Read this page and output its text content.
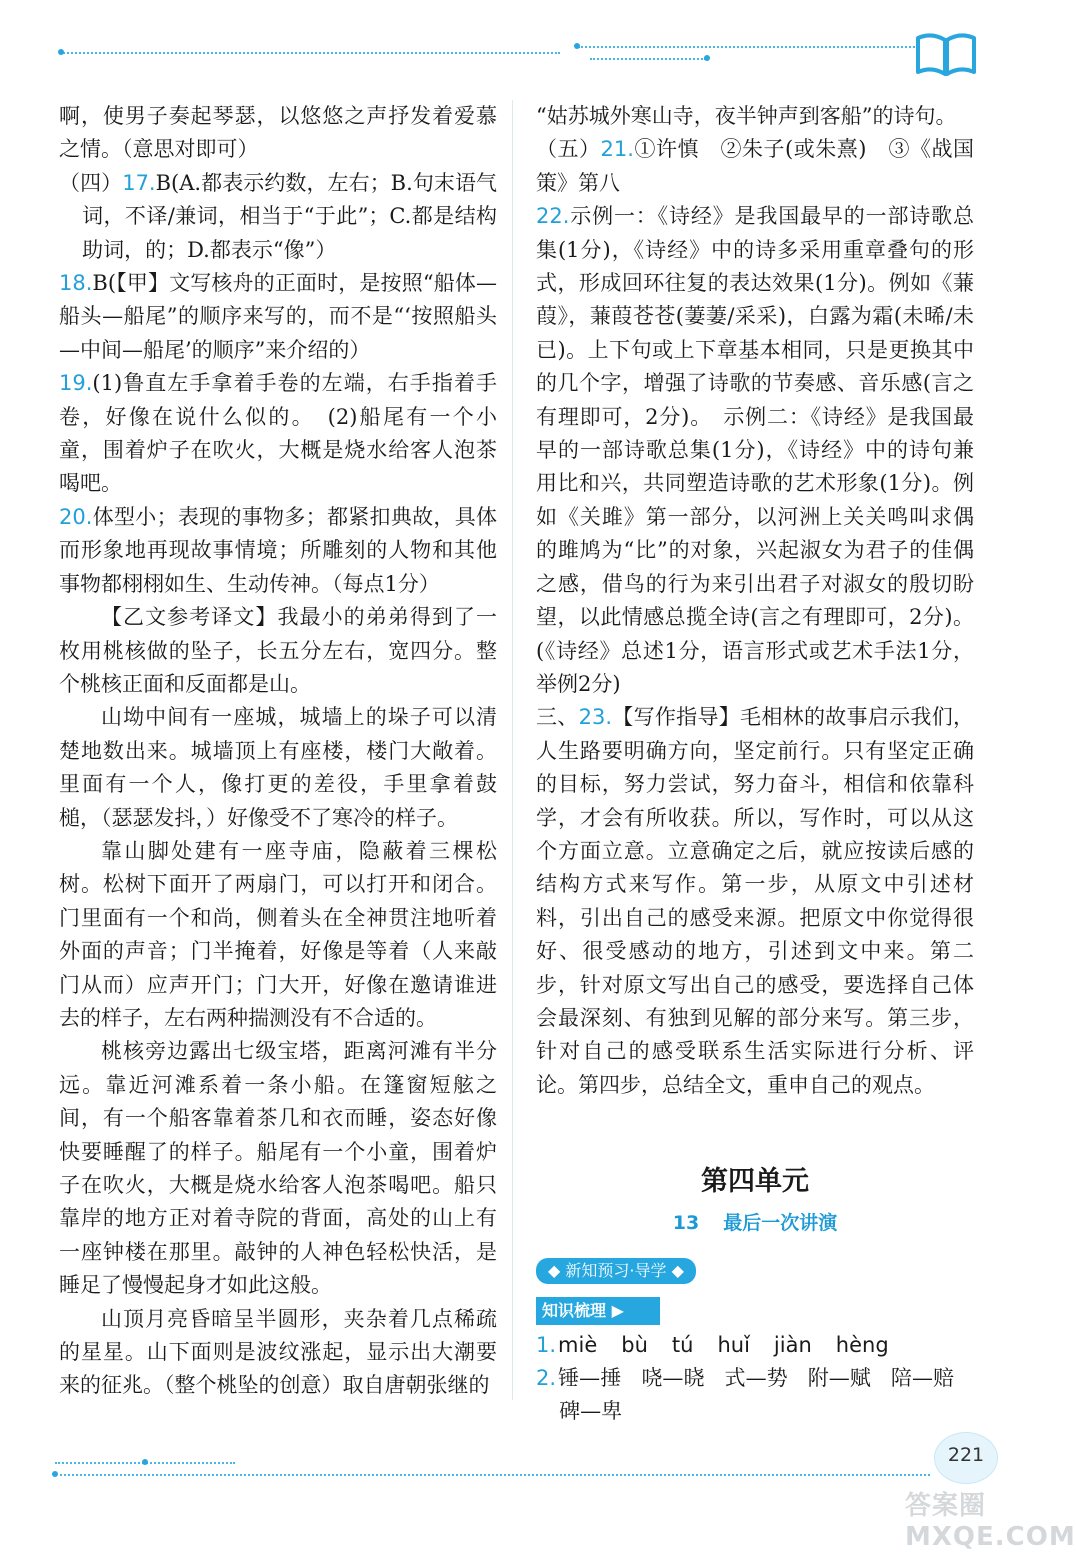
啊，使男子奏起琴瑟，以悠悠之声抒发着爱慕之情。（意思对即可）

（四）17.B(A.都表示约数，左右；B.句末语气词，不译/兼词，相当于“于此”；C.都是结构助词，的；D.都表示“像”）

18.B(【甲】文写核舟的正面时，是按照“船体—船头—船尾”的顺序来写的，而不是“‘按照船头—中间—船尾’的顺序”来介绍的）

19.(1)鲁直左手拿着手卷的左端，右手指着手卷，好像在说什么似的。　(2)船尾有一个小童，围着炉子在吹火，大概是烧水给客人泡茶喝吧。

20.体型小；表现的事物多；都紧扣典故，具体而形象地再现故事情境；所雕刻的人物和其他事物都栩栩如生、生动传神。（每点1分）

【乙文参考译文】我最小的弟弟得到了一枚用桃核做的坠子，长五分左右，宽四分。整个桃核正面和反面都是山。

山坳中间有一座城，城墙上的垛子可以清楚地数出来。城墙顶上有座楼，楼门大敞着。里面有一个人，像打更的差役，手里拿着鼓槌，（瑟瑟发抖，）好像受不了寒冷的样子。

靠山脚处建有一座寺庙，隐蔽着三棵松树。松树下面开了两扇门，可以打开和闭合。门里面有一个和尚，侧着头在全神贯注地听着外面的声音；门半掩着，好像是等着（人来敲门从而）应声开门；门大开，好像在邀请谁进去的样子，左右两种揣测没有不合适的。

桃核旁边露出七级宝塔，距离河滩有半分远。靠近河滩系着一条小船。在篷窗短舷之间，有一个船客靠着茶几和衣而睡，姿态好像快要睡醒了的样子。船尾有一个小童，围着炉子在吹火，大概是烧水给客人泡茶喝吧。船只靠岸的地方正对着寺院的背面，高处的山上有一座钟楼在那里。敲钟的人神色轻松快活，是睡足了慢慢起身才如此这般。

山顶月亮昏暗呈半圆形，夹杂着几点稀疏的星星。山下面则是波纹涨起，显示出大潮要来的征兆。（整个桃坠的创意）取自唐朝张继的

“姑苏城外寒山寺，夜半钟声到客船”的诗句。

（五）21.①许慎　②朱子(或朱熹)　③《战国策》第八

22.示例一：《诗经》是我国最早的一部诗歌总集(1分)，《诗经》中的诗多采用重章叠句的形式，形成回环往复的表达效果(1分)。例如《蒹葭》，蒹葭苍苍(萋萋/采采)，白露为霜(未晞/未已)。上下句或上下章基本相同，只是更换其中的几个字，增强了诗歌的节奏感、音乐感(言之有理即可，2分)。　示例二：《诗经》是我国最早的一部诗歌总集(1分)，《诗经》中的诗句兼用比和兴，共同塑造诗歌的艺术形象(1分)。例如《关雎》第一部分，以河洲上关关鸣叫求偶的雎鸠为“比”的对象，兴起淑女为君子的佳偶之感，借鸟的行为来引出君子对淑女的殷切盼望，以此情感总揽全诗(言之有理即可，2分)。(《诗经》总述1分，语言形式或艺术手法1分，举例2分)

三、23.【写作指导】毛相林的故事启示我们，人生路要明确方向，坚定前行。只有坚定正确的目标，努力尝试，努力奋斗，相信和依靠科学，才会有所收获。所以，写作时，可以从这个方面立意。立意确定之后，就应按读后感的结构方式来写作。第一步，从原文中引述材料，引出自己的感受来源。把原文中你觉得很好、很受感动的地方，引述到文中来。第二步，针对原文写出自己的感受，要选择自己体会最深刻、有独到见解的部分来写。第三步，针对自己的感受联系生活实际进行分析、评论。第四步，总结全文，重申自己的观点。

第四单元
13 最后一次讲演
◆ 新知预习·导学 ◆
知识梳理 ▶

1.miè bù tú huǐ jiàn hèng

2.锤—捶 哓—晓 式—势 附—赋 陪—赔碑—卑

221
答案圈 MXQE.COM
